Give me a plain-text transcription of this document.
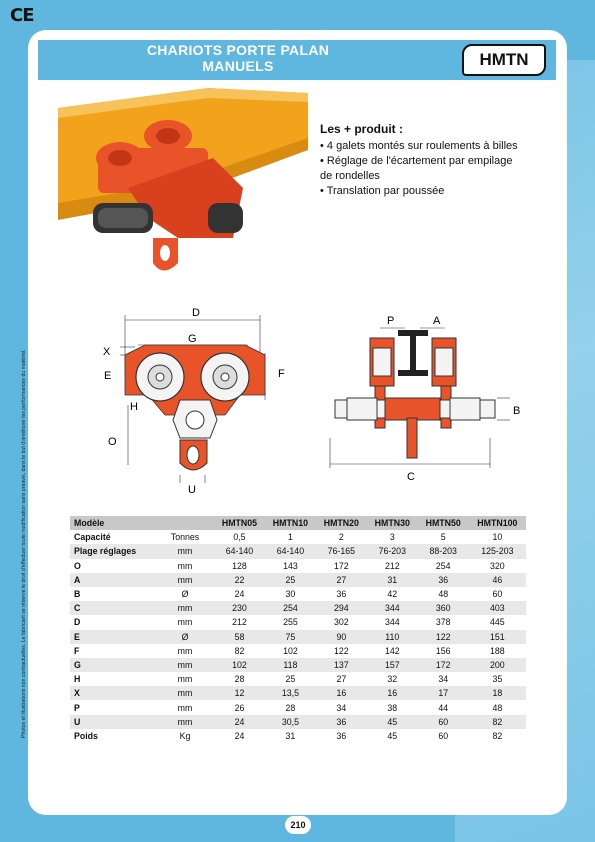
CE
Photos et illustrations non contractuelles. Le fabricant se réserve le droit d'effectuer toute modification sans préavis, dans le but d'améliorer les performances du matériel.
CHARIOTS PORTE PALAN
MANUELS	HMTN
Les + produit :
• 4 galets montés sur roulements à billes
• Réglage de l'écartement par empilage
de rondelles
• Translation par poussée
D
G
X
E	F
H
O
U
P	A
B
C
Modèle		HMTN05	HMTN10	HMTN20	HMTN30	HMTN50	HMTN100
Capacité	Tonnes	0,5	1	2	3	5	10
Plage réglages	mm	64-140	64-140	76-165	76-203	88-203	125-203
O	mm	128	143	172	212	254	320
A	mm	22	25	27	31	36	46
B	Ø	24	30	36	42	48	60
C	mm	230	254	294	344	360	403
D	mm	212	255	302	344	378	445
E	Ø	58	75	90	110	122	151
F	mm	82	102	122	142	156	188
G	mm	102	118	137	157	172	200
H	mm	28	25	27	32	34	35
X	mm	12	13,5	16	16	17	18
P	mm	26	28	34	38	44	48
U	mm	24	30,5	36	45	60	82
Poids	Kg	24	31	36	45	60	82
210
